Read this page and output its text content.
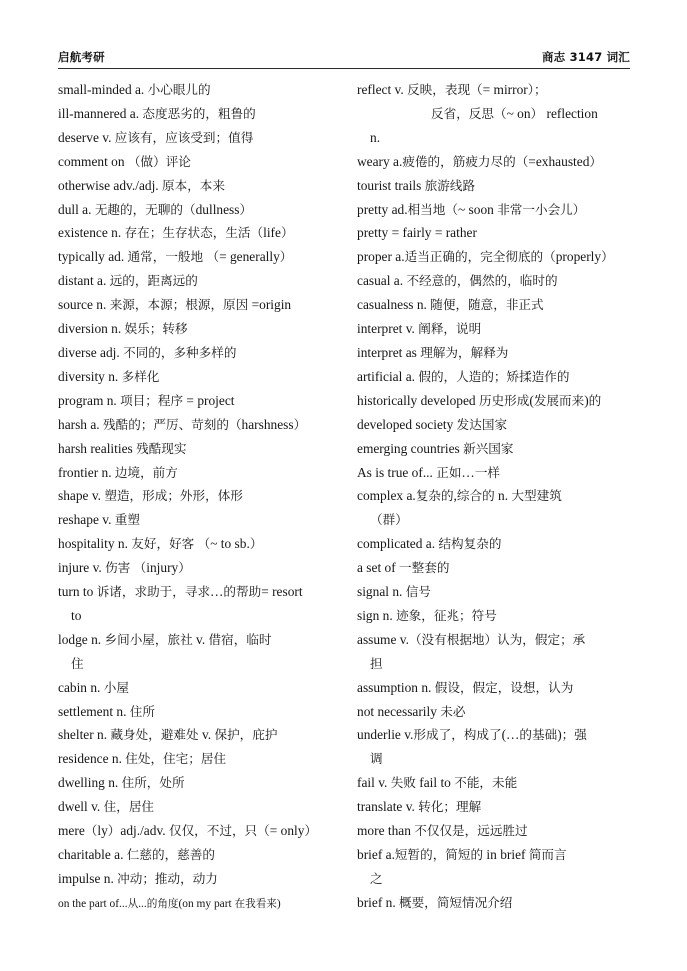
启航考研	商志 3147 词汇
small-minded a. 小心眼儿的
ill-mannered a. 态度恶劣的，粗鲁的
deserve v. 应该有，应该受到；值得
comment on （做）评论
otherwise adv./adj. 原本，本来
dull a. 无趣的，无聊的（dullness）
existence n. 存在；生存状态，生活（life）
typically ad. 通常，一般地 （= generally）
distant a. 远的，距离远的
source n. 来源，本源；根源，原因 =origin
diversion n. 娱乐；转移
diverse adj. 不同的，多种多样的
diversity n. 多样化
program n. 项目；程序 = project
harsh a. 残酷的；严厉、苛刻的（harshness）
harsh realities 残酷现实
frontier n. 边境，前方
shape v. 塑造，形成；外形，体形
reshape v. 重塑
hospitality n. 友好，好客 （~ to sb.）
injure v. 伤害 （injury）
turn to 诉诸，求助于，寻求…的帮助= resort
to
lodge n. 乡间小屋，旅社 v. 借宿，临时
住
cabin n. 小屋
settlement n. 住所
shelter n. 藏身处，避难处 v. 保护，庇护
residence n. 住处，住宅；居住
dwelling n. 住所，处所
dwell v. 住，居住
mere（ly）adj./adv. 仅仅，不过，只（= only）
charitable a. 仁慈的，慈善的
impulse n. 冲动；推动，动力
on the part of...从...的角度(on my part 在我看来)
reflect v. 反映，表现（= mirror）；
反省，反思（~ on） reflection
n.
weary a.疲倦的，筋疲力尽的（=exhausted）
tourist trails 旅游线路
pretty ad.相当地（~ soon 非常一小会儿）
pretty = fairly = rather
proper a.适当正确的，完全彻底的（properly）
casual a. 不经意的，偶然的，临时的
casualness n. 随便，随意，非正式
interpret v. 阐释，说明
interpret as 理解为，解释为
artificial a. 假的，人造的；矫揉造作的
historically developed 历史形成(发展而来)的
developed society 发达国家
emerging countries 新兴国家
As is true of... 正如…一样
complex a.复杂的,综合的 n. 大型建筑
（群）
complicated a. 结构复杂的
a set of 一整套的
signal n. 信号
sign n. 迹象，征兆；符号
assume v.（没有根据地）认为，假定；承
担
assumption n. 假设，假定，设想，认为
not necessarily 未必
underlie v.形成了，构成了(…的基础)；强
调
fail v. 失败 fail to 不能，未能
translate v. 转化；理解
more than 不仅仅是，远远胜过
brief a.短暂的，简短的 in brief 简而言
之
brief n. 概要，简短情况介绍
